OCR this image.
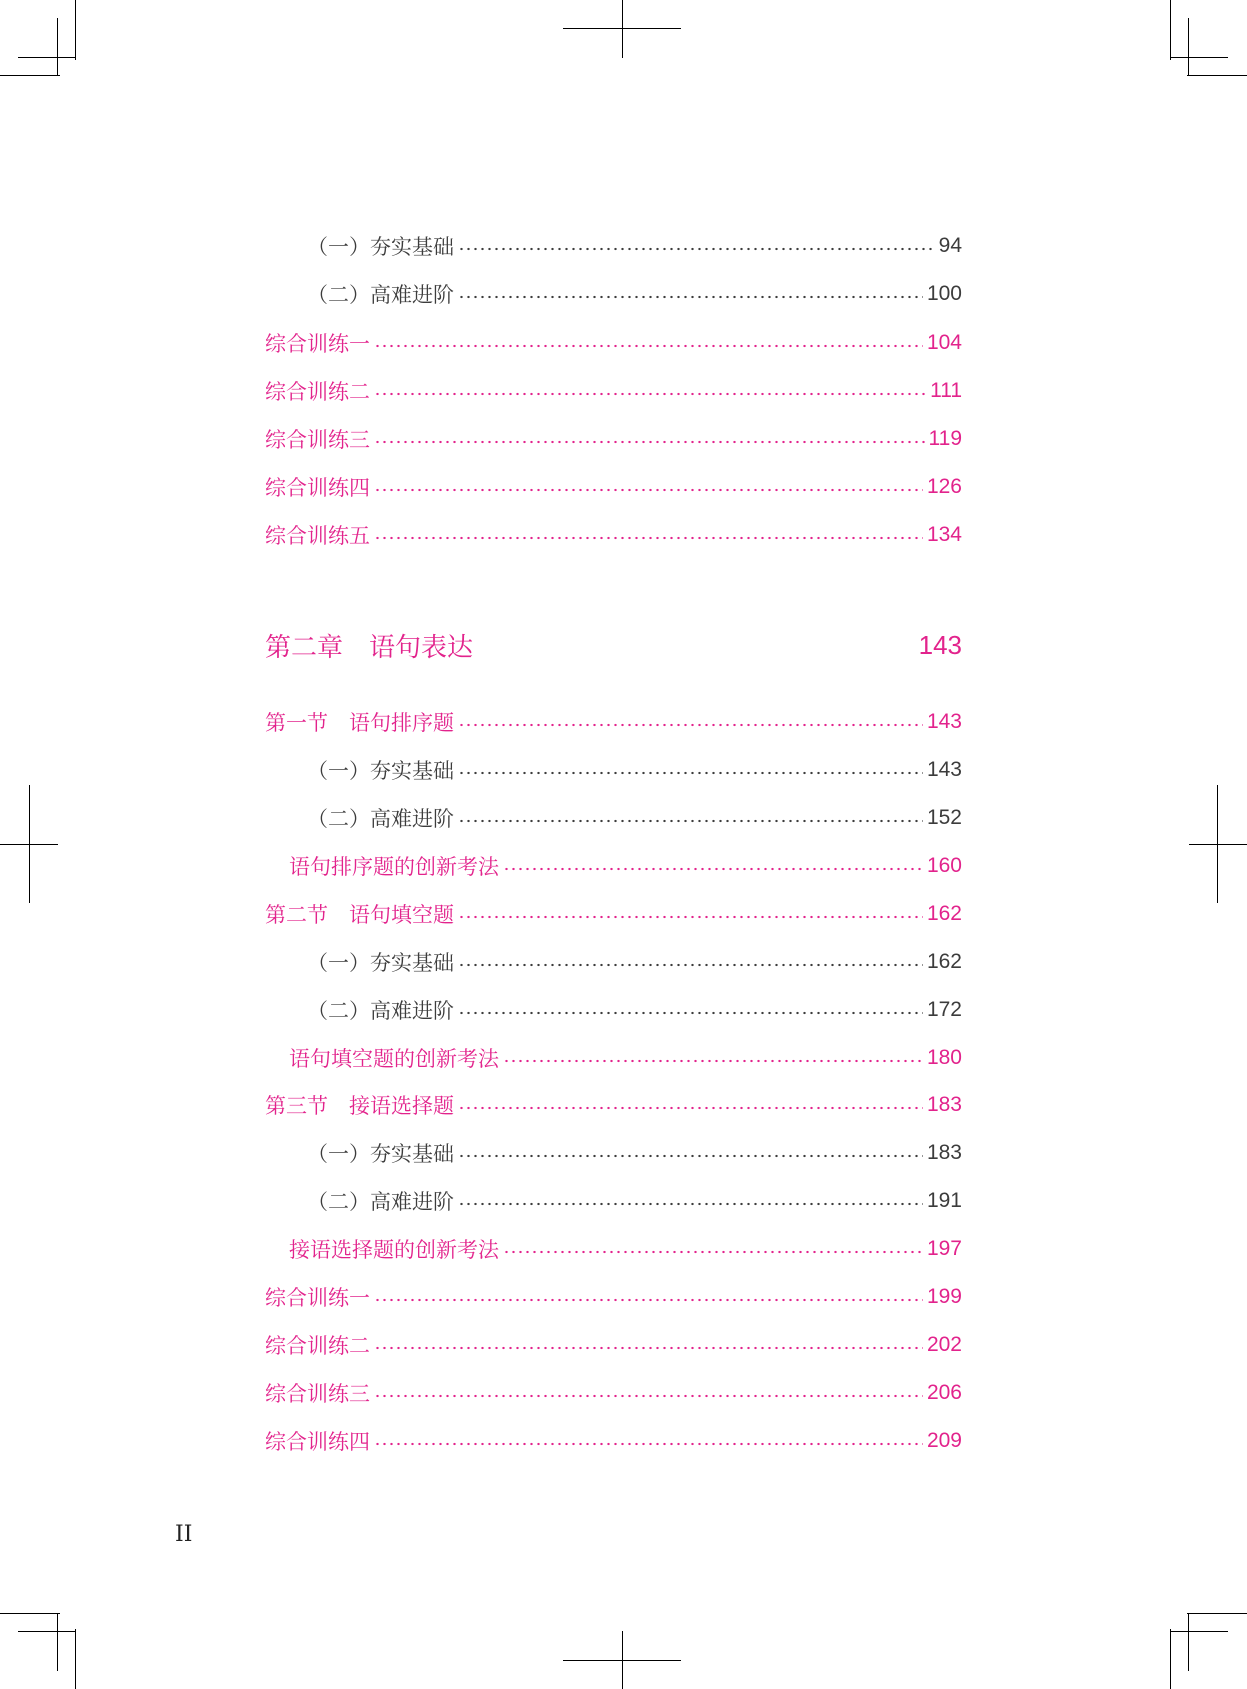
（一）夯实基础	94
（二）高难进阶	100
综合训练一	104
综合训练二	111
综合训练三	119
综合训练四	126
综合训练五	134
第二章　语句表达	143
第一节　语句排序题	143
（一）夯实基础	143
（二）高难进阶	152
语句排序题的创新考法	160
第二节　语句填空题	162
（一）夯实基础	162
（二）高难进阶	172
语句填空题的创新考法	180
第三节　接语选择题	183
（一）夯实基础	183
（二）高难进阶	191
接语选择题的创新考法	197
综合训练一	199
综合训练二	202
综合训练三	206
综合训练四	209
II
